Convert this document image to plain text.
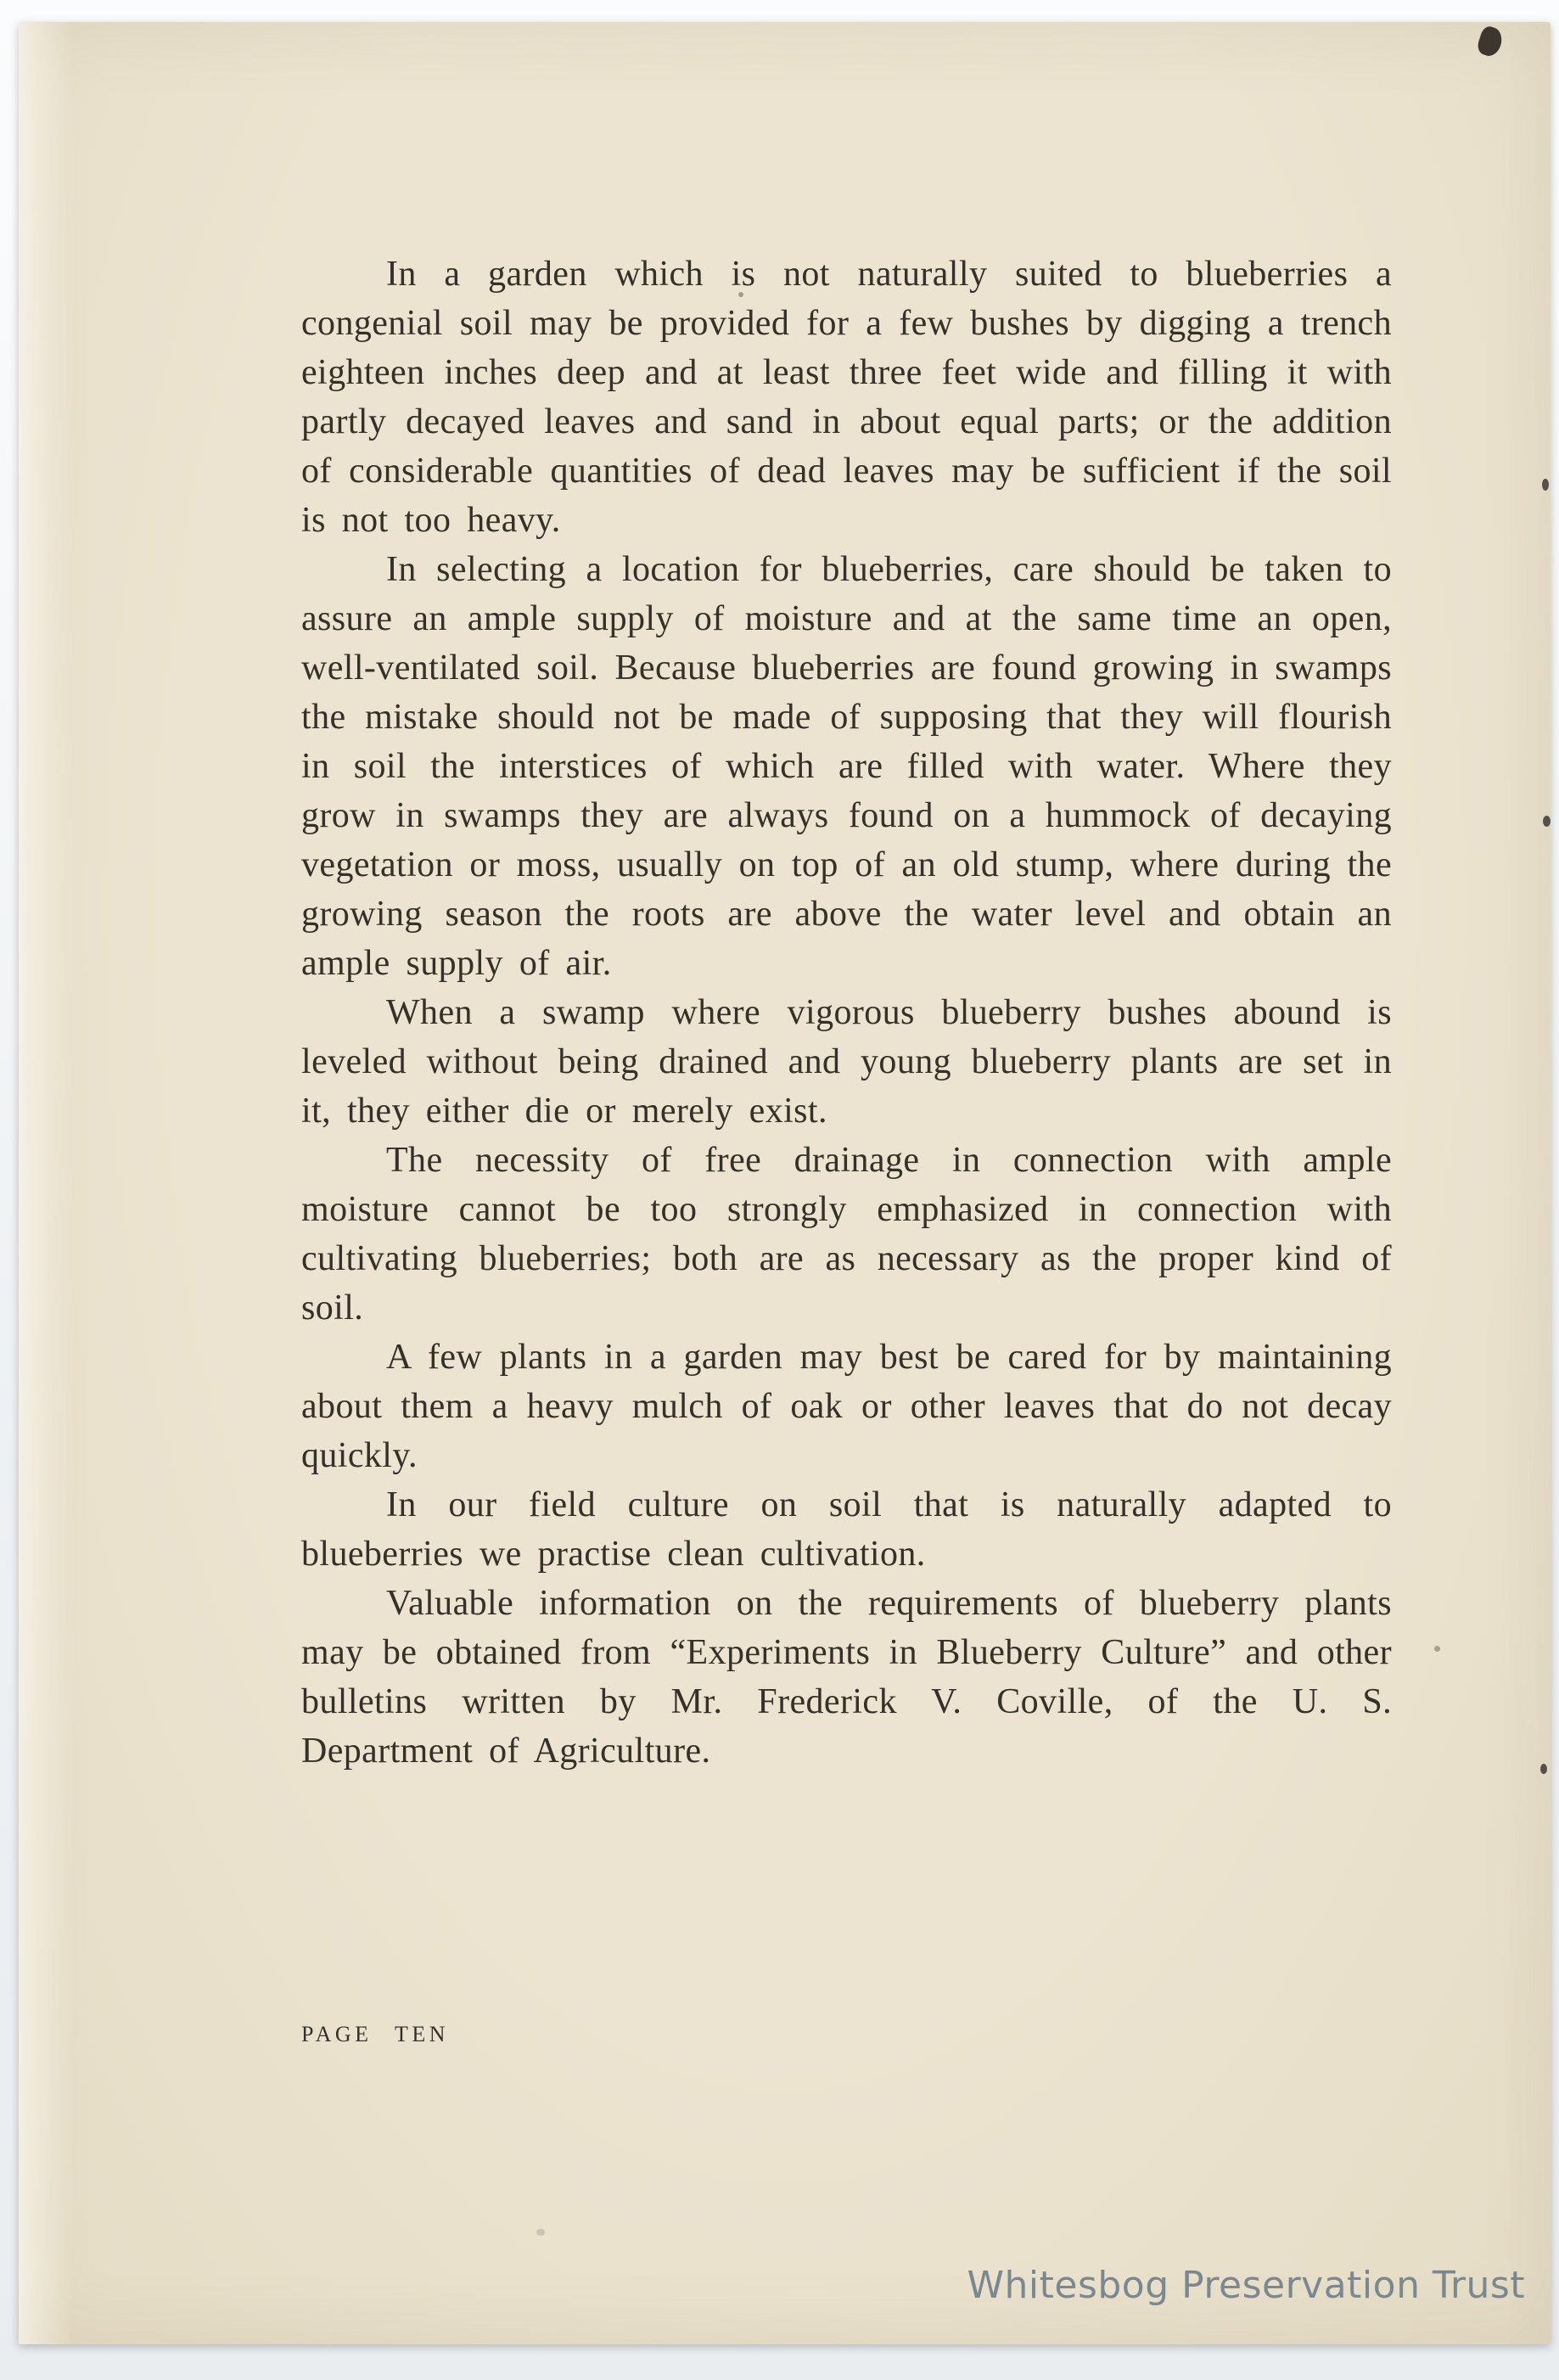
In a garden which is not naturally suited to blueberries a congenial soil may be provided for a few bushes by digging a trench eighteen inches deep and at least three feet wide and filling it with partly decayed leaves and sand in about equal parts; or the addition of considerable quantities of dead leaves may be sufficient if the soil is not too heavy.

In selecting a location for blueberries, care should be taken to assure an ample supply of moisture and at the same time an open, well-ventilated soil. Because blueberries are found growing in swamps the mistake should not be made of supposing that they will flourish in soil the interstices of which are filled with water. Where they grow in swamps they are always found on a hummock of decaying vegetation or moss, usually on top of an old stump, where during the growing season the roots are above the water level and obtain an ample supply of air.

When a swamp where vigorous blueberry bushes abound is leveled without being drained and young blueberry plants are set in it, they either die or merely exist.

The necessity of free drainage in connection with ample moisture cannot be too strongly emphasized in connection with cultivating blueberries; both are as necessary as the proper kind of soil.

A few plants in a garden may best be cared for by maintaining about them a heavy mulch of oak or other leaves that do not decay quickly.

In our field culture on soil that is naturally adapted to blueberries we practise clean cultivation.

Valuable information on the requirements of blueberry plants may be obtained from “Experiments in Blueberry Culture” and other bulletins written by Mr. Frederick V. Coville, of the U. S. Department of Agriculture.

PAGE TEN
Whitesbog Preservation Trust
